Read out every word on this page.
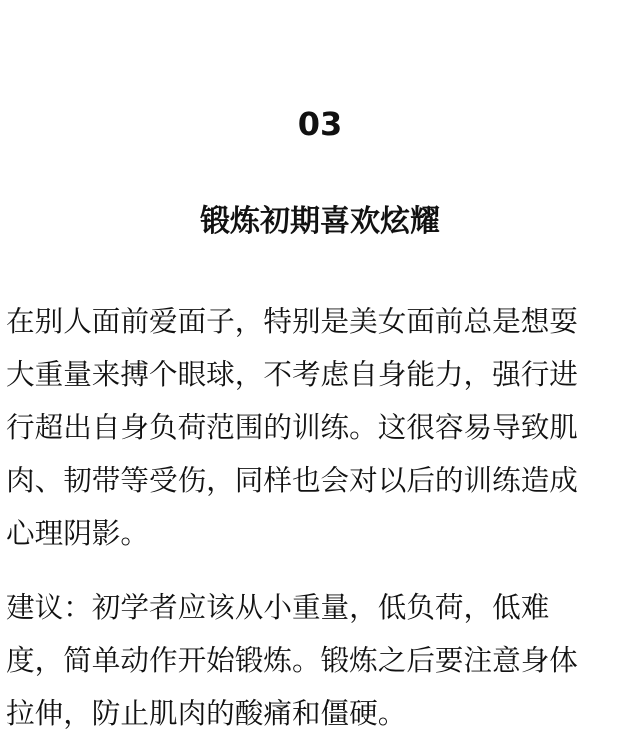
03
锻炼初期喜欢炫耀

在别人面前爱面子，特别是美女面前总是想耍
大重量来搏个眼球，不考虑自身能力，强行进
行超出自身负荷范围的训练。这很容易导致肌
肉、韧带等受伤，同样也会对以后的训练造成
心理阴影。

建议：初学者应该从小重量，低负荷，低难
度，简单动作开始锻炼。锻炼之后要注意身体
拉伸，防止肌肉的酸痛和僵硬。
